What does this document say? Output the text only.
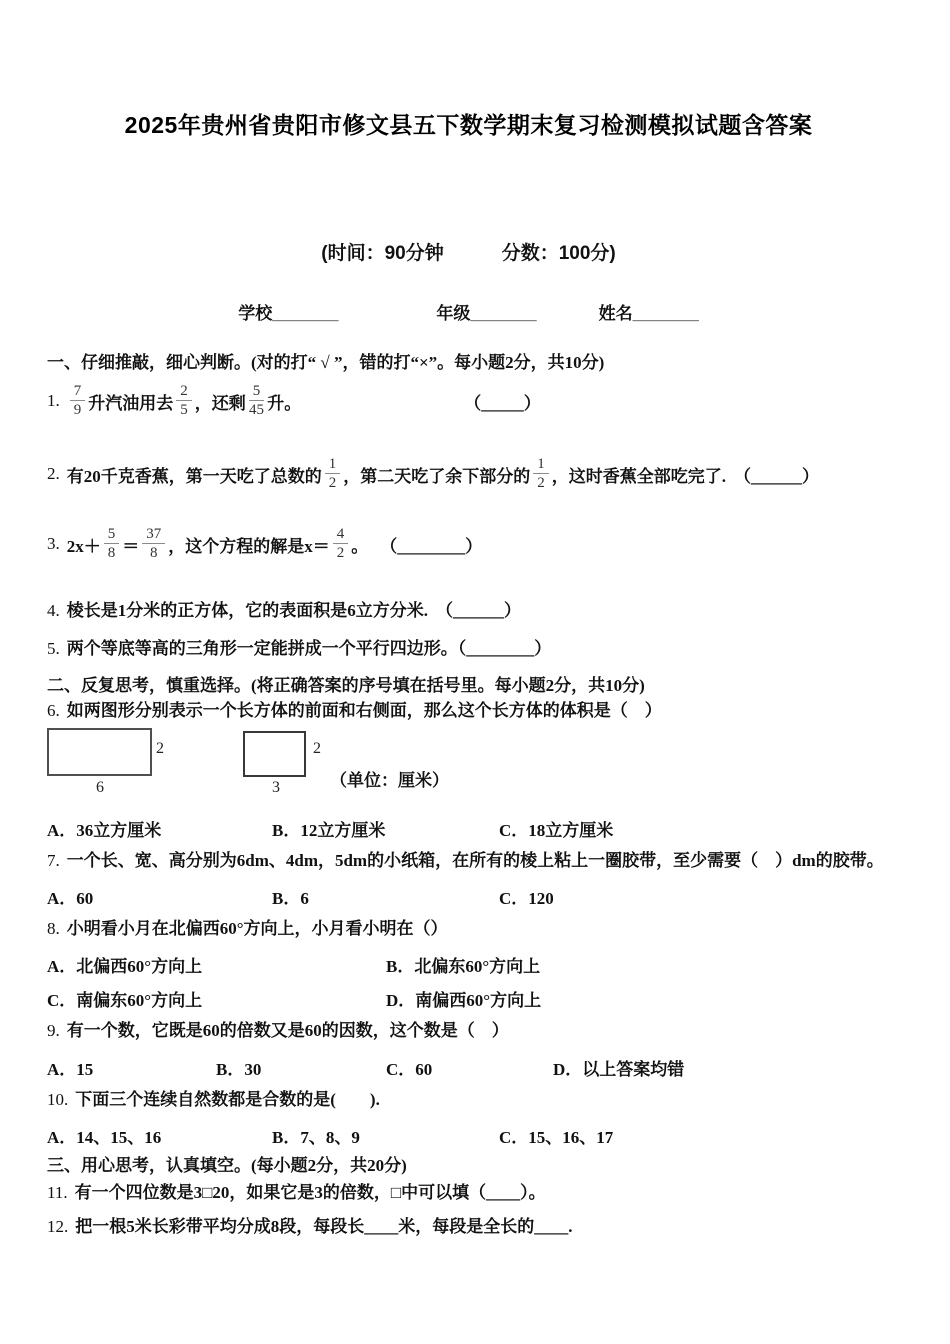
2025年贵州省贵阳市修文县五下数学期末复习检测模拟试题含答案
(时间：90分钟	分数：100分)
学校_______	年级_______	姓名_______
一、仔细推敲，细心判断。(对的打“ √ ”，错的打“×”。每小题2分，共10分)
1. $\frac{7}{9}$ 升汽油用去 $\frac{2}{5}$ ，还剩 $\frac{5}{45}$ 升。	（_____）
2. 有20千克香蕉，第一天吃了总数的 $\frac{1}{2}$ ，第二天吃了余下部分的 $\frac{1}{2}$ ，这时香蕉全部吃完了. （______）
3. $2x+ \frac{5}{8} = \frac{37}{8}$ ，这个方程的解是$x= \frac{4}{2}$ 。 （________）
4. 棱长是1分米的正方体，它的表面积是6立方分米. （______）
5. 两个等底等高的三角形一定能拼成一个平行四边形。（________）
二、反复思考，慎重选择。(将正确答案的序号填在括号里。每小题2分，共10分)
6. 如两图形分别表示一个长方体的前面和右侧面，那么这个长方体的体积是（　）
2
6
2
3	（单位：厘米）
A．36立方厘米	B．12立方厘米	C．18立方厘米
7. 一个长、宽、高分别为6dm、4dm，5dm的小纸箱，在所有的棱上粘上一圈胶带，至少需要（　）dm的胶带。
A．60	B．6	C．120
8. 小明看小月在北偏西60°方向上，小月看小明在（）
A．北偏西60°方向上	B．北偏东60°方向上
C．南偏东60°方向上	D．南偏西60°方向上
9. 有一个数，它既是60的倍数又是60的因数，这个数是（　）
A．15	B．30	C．60	D．以上答案均错
10. 下面三个连续自然数都是合数的是(　　).
A．14、15、16	B．7、8、9	C．15、16、17
三、用心思考，认真填空。(每小题2分，共20分)
11. 有一个四位数是3□20，如果它是3的倍数，□中可以填（____）。
12. 把一根5米长彩带平均分成8段，每段长____米，每段是全长的____.
